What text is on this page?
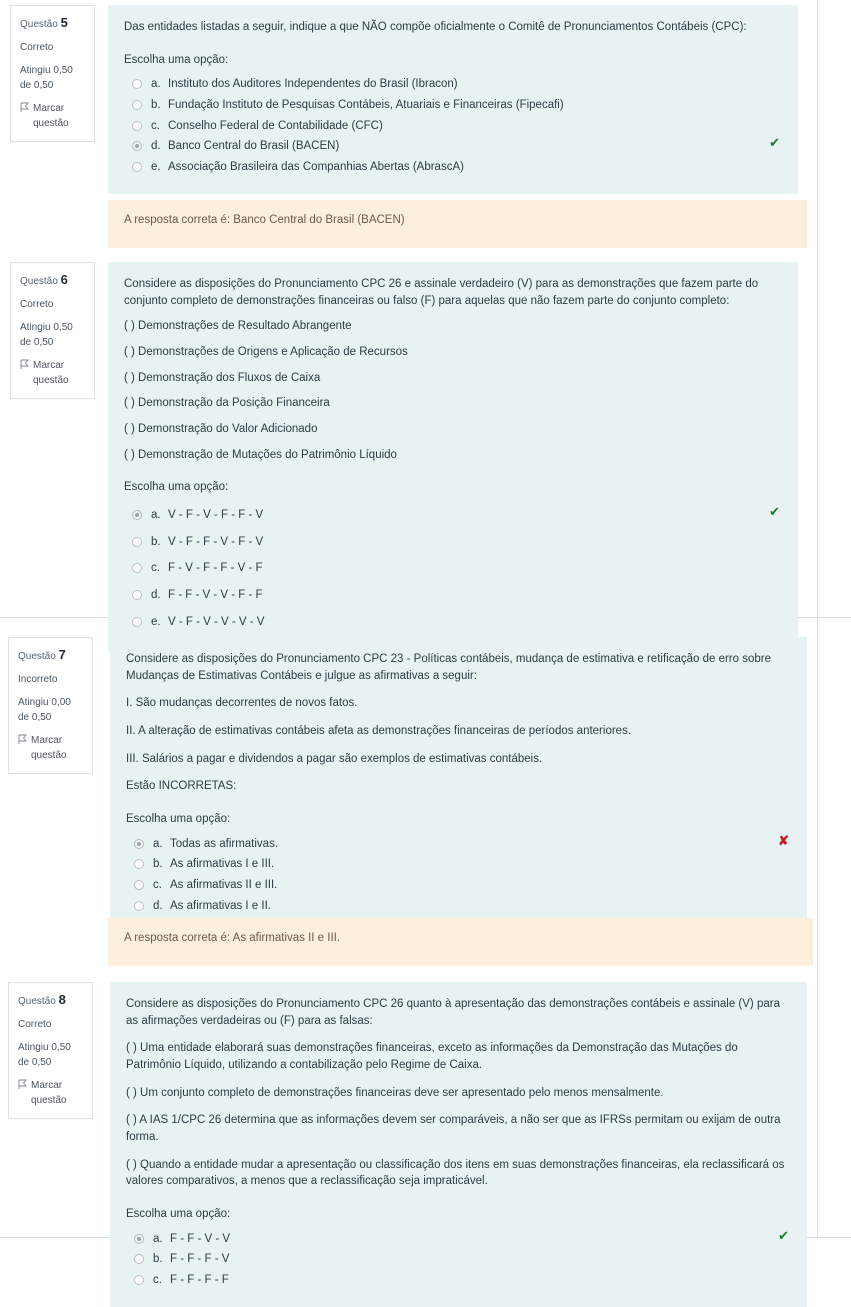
Questão 5
Correto
Atingiu 0,50 de 0,50
Marcar questão

Das entidades listadas a seguir, indique a que NÃO compõe oficialmente o Comitê de Pronunciamentos Contábeis (CPC):

Escolha uma opção:
a. Instituto dos Auditores Independentes do Brasil (Ibracon)
b. Fundação Instituto de Pesquisas Contábeis, Atuariais e Financeiras (Fipecafi)
c. Conselho Federal de Contabilidade (CFC)
d. Banco Central do Brasil (BACEN)	✔
e. Associação Brasileira das Companhias Abertas (AbrascA)
A resposta correta é: Banco Central do Brasil (BACEN)
Questão 6
Correto
Atingiu 0,50 de 0,50
Marcar questão

Considere as disposições do Pronunciamento CPC 26 e assinale verdadeiro (V) para as demonstrações que fazem parte do conjunto completo de demonstrações financeiras ou falso (F) para aquelas que não fazem parte do conjunto completo:

( ) Demonstrações de Resultado Abrangente

( ) Demonstrações de Origens e Aplicação de Recursos

( ) Demonstração dos Fluxos de Caixa

( ) Demonstração da Posição Financeira

( ) Demonstração do Valor Adicionado

( ) Demonstração de Mutações do Patrimônio Líquido

Escolha uma opção:
a. V - F - V - F - F - V	✔
b. V - F - F - V - F - V
c. F - V - F - F - V - F
d. F - F - V - V - F - F
e. V - F - V - V - V - V
Questão 7
Incorreto
Atingiu 0,00 de 0,50
Marcar questão

Considere as disposições do Pronunciamento CPC 23 - Políticas contábeis, mudança de estimativa e retificação de erro sobre Mudanças de Estimativas Contábeis e julgue as afirmativas a seguir:

I. São mudanças decorrentes de novos fatos.

II. A alteração de estimativas contábeis afeta as demonstrações financeiras de períodos anteriores.

III. Salários a pagar e dividendos a pagar são exemplos de estimativas contábeis.

Estão INCORRETAS:

Escolha uma opção:
a. Todas as afirmativas.	✘
b. As afirmativas I e III.
c. As afirmativas II e III.
d. As afirmativas I e II.
A resposta correta é: As afirmativas II e III.
Questão 8
Correto
Atingiu 0,50 de 0,50
Marcar questão

Considere as disposições do Pronunciamento CPC 26 quanto à apresentação das demonstrações contábeis e assinale (V) para as afirmações verdadeiras ou (F) para as falsas:

( ) Uma entidade elaborará suas demonstrações financeiras, exceto as informações da Demonstração das Mutações do Patrimônio Líquido, utilizando a contabilização pelo Regime de Caixa.

( ) Um conjunto completo de demonstrações financeiras deve ser apresentado pelo menos mensalmente.

( ) A IAS 1/CPC 26 determina que as informações devem ser comparáveis, a não ser que as IFRSs permitam ou exijam de outra forma.

( ) Quando a entidade mudar a apresentação ou classificação dos itens em suas demonstrações financeiras, ela reclassificará os valores comparativos, a menos que a reclassificação seja impraticável.

Escolha uma opção:
a. F - F - V - V	✔
b. F - F - F - V
c. F - F - F - F
